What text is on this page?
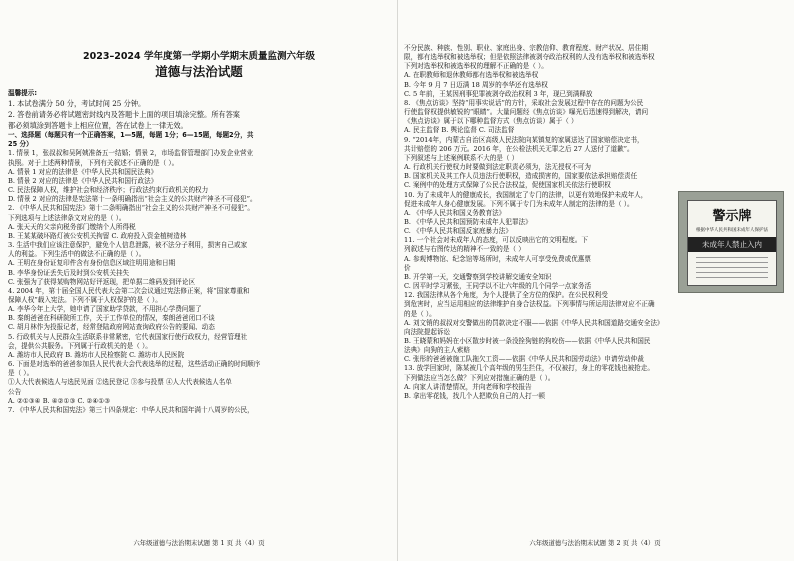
2023–2024 学年度第一学期小学期末质量监测六年级

道德与法治试题

温馨提示:

1. 本试卷满分 50 分，考试时间 25 分钟。

2. 答卷前请务必将试题密封线内及答题卡上面的项目填涂完整。所有答案

都必须填涂到答题卡上相应位置，答在试卷上一律无效。

一、选择题（每题只有一个正确答案，1—5题，每题 1分；6—15题，每题2分，共

25 分）

1. 情景 1，张叔叔和吴阿姨准备五一结婚；情景 2，市场监督管理部门办发企业营业

执照。对于上述两种情景，下列有关叙述不正确的是（ ）。

A. 情景 1 对应的法律是《中华人民共和国民法典》

B. 情景 2 对应的法律是《中华人民共和国行政法》

C. 民法保障人权，维护社会和经济秩序；行政法约束行政机关的权力

D. 情景 2 对应的法律是宪法第十一条明确指出“社会主义的公共财产神圣不可侵犯”。

2. 《中华人民共和国宪法》第十二条明确指出“社会主义的公共财产神圣不可侵犯”。

下列选项与上述法律条文对应的是（ ）。

A. 张天天的父亲向税务部门缴纳个人所得税

B. 王某某破坏路灯被公安机关拘留 C. 政府投入资金植树造林

3. 生活中我们应该注意保护，避免个人信息泄露，被不法分子利用，损害自己或家

人的利益。下列生活中的做法不正确的是（ ）。

A. 王明在身份证复印件含有身份信息区域注明用途和日期

B. 李华身份证丢失后及时到公安机关挂失

C. 张强为了获得某购物网站好评返现，把单据二维码发到评论区

4. 2004 年，第十届全国人民代表大会第二次会议通过宪法修正案，将“国家尊重和

保障人权”载入宪法。下列不属于人权保护的是（ ）。

A. 李华今年上大学，她申请了国家助学贷款，不用担心学费问题了

B. 秦朗爸爸在科研院所工作，关于工作单位的情况，秦朗爸爸闭口不谈

C. 胡月林作为投报记者，经常登陆政府网站查询政府公告的要闻、动态

5. 行政机关与人民群众生活联系非常紧密，它代表国家行使行政权力，经营管理社

会，提供公共服务。下列属于行政机关的是（ ）。

A. 潍坊市人民政府 B. 潍坊市人民检察院 C. 潍坊市人民医院

6. 下面是对选举的爸爸参加县人民代表大会代表选举的过程，这些活动正确的时间顺序

是（ ）。

①人大代表候选人与选民见面 ②选民登记 ③参与投票 ④人大代表候选人名单

公告

A. ②①③④ B. ④②①③ C. ②④①③

7. 《中华人民共和国宪法》第三十四条规定：中华人民共和国年满十八周岁的公民，

六年级道德与法治期末试题 第 1 页 共（4）页

不分民族、种族、性别、职业、家庭出身、宗教信仰、教育程度、财产状况、居住期

限，都有选举权和被选举权；但是依照法律被剥夺政治权利的人没有选举权和被选举权

下列对选举权和被选举权的理解不正确的是（ ）。

A. 在职教师和退休教师都有选举权和被选举权

B. 今年 9 月 7 日迈满 18 周岁的李华还有选举权

C. 5 年前，王某因刑事犯罪被剥夺政治权利 3 年，现已到满释放

8. 《焦点访谈》坚持“用事实说话”的方针，采取社会发展过程中存在的问题为公民

行使监督权提供敏锐的“眼睛”。大量问题经《焦点访谈》曝光后迅速得到解决，请问

《焦点访谈》属于以下哪种监督方式（焦点访谈）属于（ ）

A. 民主监督 B. 舆论监督 C. 司法监督

9. “2014年，内蒙古自治区高级人民法院向某镇复的家属送达了国家赔偿决定书，

共计赔偿的 206 万元。2016 年，在公检法机关无罪之后 27 人送付了道歉”。

下列叙述与上述案例联系不大的是（ ）

A. 行政机关行使权力时要做到法定职责必须为，法无授权不可为

B. 国家机关及其工作人员违法行使职权，造成损害的，国家要依法承担赔偿责任

C. 案例中的处理方式保障了公民合法权益，促使国家机关依法行使职权

10. 为了未成年人的健康成长，我国制定了专门的法律，以更有效地保护未成年人，

促进未成年人身心健康发展。下列不属于专门为未成年人制定的法律的是（ ）。

A. 《中华人民共和国义务教育法》

B. 《中华人民共和国预防未成年人犯罪法》

C. 《中华人民共和国反家庭暴力法》

11. 一个社会对未成年人的态度，可以反映出它的文明程度。下

列叙述与右图传达的精神不一致的是（ ）

A. 参观博物馆、纪念馆等场所时，未成年人可享受免费或优惠票

价

B. 开学第一天，交通警察到学校讲解交通安全知识

C. 因平时学习紧张，王同学以不让六年级的几个同学一点家务活

警示牌
根据中华人民共和国未成年人保护法
未成年人禁止入内

12. 我国法律从各个角度，为个人提供了全方位的保护。在公民权利受

到危害时，应当运用相应的法律维护自身合法权益。下列事情与所运用法律对应不正确

的是（ ）。

A. 刘文销的叔叔对交警做出的罚款决定不服——依据《中华人民共和国道路交通安全法》

向法院提起诉讼

B. 王晓蒙和妈妈在小区散步时被一条没拴狗链的狗咬伤——依据《中华人民共和国民

法典》向狗的主人索赔

C. 张彤的爸爸被施工队拖欠工资——依据《中华人民共和国劳动法》申请劳动仲裁

13. 放学回家时，陈某被几个高年级的男生拦住，不仅被打，身上的零花钱也被抢走。

下列做法应当怎么做？下列应对措施正确的是（ ）。

A. 向家人讲清楚情况，并向老师和学校报告

B. 拿出零花钱，找几个人把欺负自己的人打一顿

六年级道德与法治期末试题 第 2 页 共（4）页
